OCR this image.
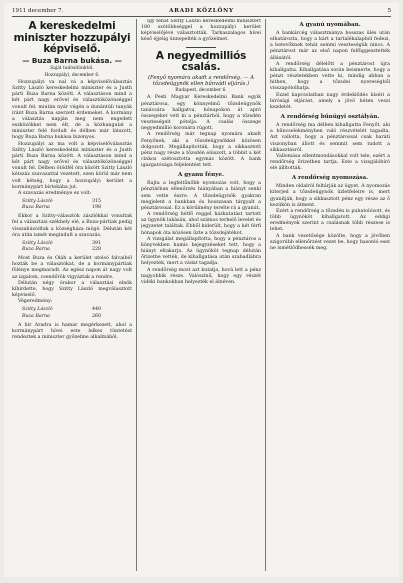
1911 december 7.	ARADI KÖZLÖNY	5
A kereskedelmi miniszter hozzupályi képviselő.
— Buza Barna bukása. —
Saját tudósítónktól.
Hozzupályi, december 6.

Hozzupályi va nal vá a képviselőválasztás Szitty László kereskedelmi miniszter és a Justh párti Buza Barna között. A választáson mind a két párt nagy erővel és választóközönséggel vonult fel, miután nyár végén a dunántúli tanyák iránt Buza Barna szerzett érdemeket. A kormány a választás napján meg nem engedett eszközökkel nem élt, de a közhangulat a miniszter felé fordult és délben már látszott, hogy Buza Barna bukása bizonyos.

Hozzupályi az ma volt a képviselőválasztás Szitty László kereskedelmi miniszter és a Justh párti Buza Barna között. A választáson mind a két párt nagy erővel és választóközönséggel vonult fel. Délben ötödfél óra között Szitty László kétszáz szavazattal vezetett, ezen körül már nem volt kétség, hogy a hozzupályi kerület a kormánypárt birtokába jut.

A szavazás eredménye ez volt:

Szitty László	315
Buza Barna	198

Ekkor a Szitty-választók zászlókkal vonultak fel a választási székhely elé, a Buza-pártiak pedig visszahúzódtak a községháza mögé. Délután két óra után ismét megindult a szavazás.

Szitty László	391
Buza Barna	228

Most Buza és Oláh a kerület utolsó falvaiból hozták be a választókat, de a kormánypártiak fölénye megmaradt. Az egész napon át nagy volt az izgalom, csendőrök vigyáztak a rendre.

Délután négy órakor a választási elnök kihirdette, hogy Szitty László megválasztott képviselő.

Végeredmény:

Szitty László	440
Buza Barna	260

A hír Aradra is hamar megérkezett, ahol a kormánypárt hívei este lelkes tüntetést rendeztek a miniszter győzelme alkalmából.

Így tehát Szitty László kereskedelmi minisztert 180 szótöbbséggel a hozzupályi kerület képviselőjévé választották. Tarkaszalagos hívei késő éjjelig ünnepelték a győzelmet.

A negyedmilliós csalás.
(Fenyő nyomára akadt a rendőrség. — A tőzsdeügynök ellen bűnvádi eljárás.)
Budapest, december 6.

A Pesti Magyar Kereskedelmi Bank egyik pénztárosa, egy könnyelmű tőzsdeügynök tanácsára hallgatva, hónapokon át apró összegeket vett ki a pénztárból, hogy a tőzsdén veszteségeit pótolja. A csalás összege negyedmillió koronára rúgott.

A rendőrség már tegnap nyomára akadt Fenyőnek, aki a tőzsdeügynökkel közösen dolgozott. Megállapították, hogy a sikkasztott pénz nagy része a tőzsdén elúszott, a többit a két cinkos szétosztotta egymás között. A bank igazgatósága feljelentést tett.

A gyanu fénye.

Rajta a legfeltűnőbb nyomozás volt, hogy a pénztárban ellenőrzés hiányában a hiányt senki sem vette észre. A tőzsdeügynök gyakran megjelent a bankban és hosszasan tárgyalt a pénztárossal. Ez a körülmény terelte rá a gyanút.

A rendőrség hétfő reggel házkutatást tartott az ügynök lakásán, ahol számos terhelő levelet és jegyzetet találtak. Ebből kiderült, hogy a két férfi hónapok óta közösen űzte a tőzsdejátékot.

A vizsgálat megállapította, hogy a pénztáros a könyvekben hamis bejegyzéseket tett, hogy a hiányt eltakarja. Az ügynököt tegnap délután őrizetbe vették, de kihallgatása után szabadlábra helyezték, mert a vádat tagadja.

A rendőrség most azt kutatja, hová lett a pénz nagyobbik része. Valószínű, hogy egy részét vidéki bankokban helyezték el álnéven.

A gyanú nyomában.

A bankárcég választmánya hosszas ülés után elhatározta, hogy a kárt a tartalékalapból fedezi, a betevőknek tehát semmi veszteségük nincs. A pénztárost már az első napon felfüggesztették állásától.

A rendőrség délelőtt a pénztárost újra kihallgatta. Kihallgatása során beismerte, hogy a pénzt részletekben vette ki, mindig abban a hitben, hogy a tőzsdei nyereségből visszapótolhatja.

Ezzel kapcsolatban nagy érdeklődés kíséri a bírósági eljárást, amely a jövő héten veszi kezdetét.

A rendőrség bűnügyi osztályán.

A rendőrség ma délben kihallgatta Fenyőt, aki a bűncselekményben való részvételét tagadta. Azt vallotta, hogy a pénztárossal csak baráti viszonyban állott és semmit sem tudott a sikkasztásról.

Vallomása ellentmondásokkal volt tele, ezért a rendőrség őrizetben tartja. Este a vizsgálóbíró elé állították.

A rendőrség nyomozása.

Minden oldalról feltárják az ügyet. A nyomozás kiterjed a tőzsdeügynök üzletfeleire is, mert gyanítják, hogy a sikkasztott pénz egy része az ő kezükön is átment.

Ezért a rendőrség a tőzsdén is puhatolózott, és több ügynököt kihallgatott. Az eddigi eredmények szerint a csalásnak több részese is lehet.

A bank vezetősége közölte, hogy a jövőben szigorúbb ellenőrzést vezet be, hogy hasonló eset ne ismétlődhessék meg.
